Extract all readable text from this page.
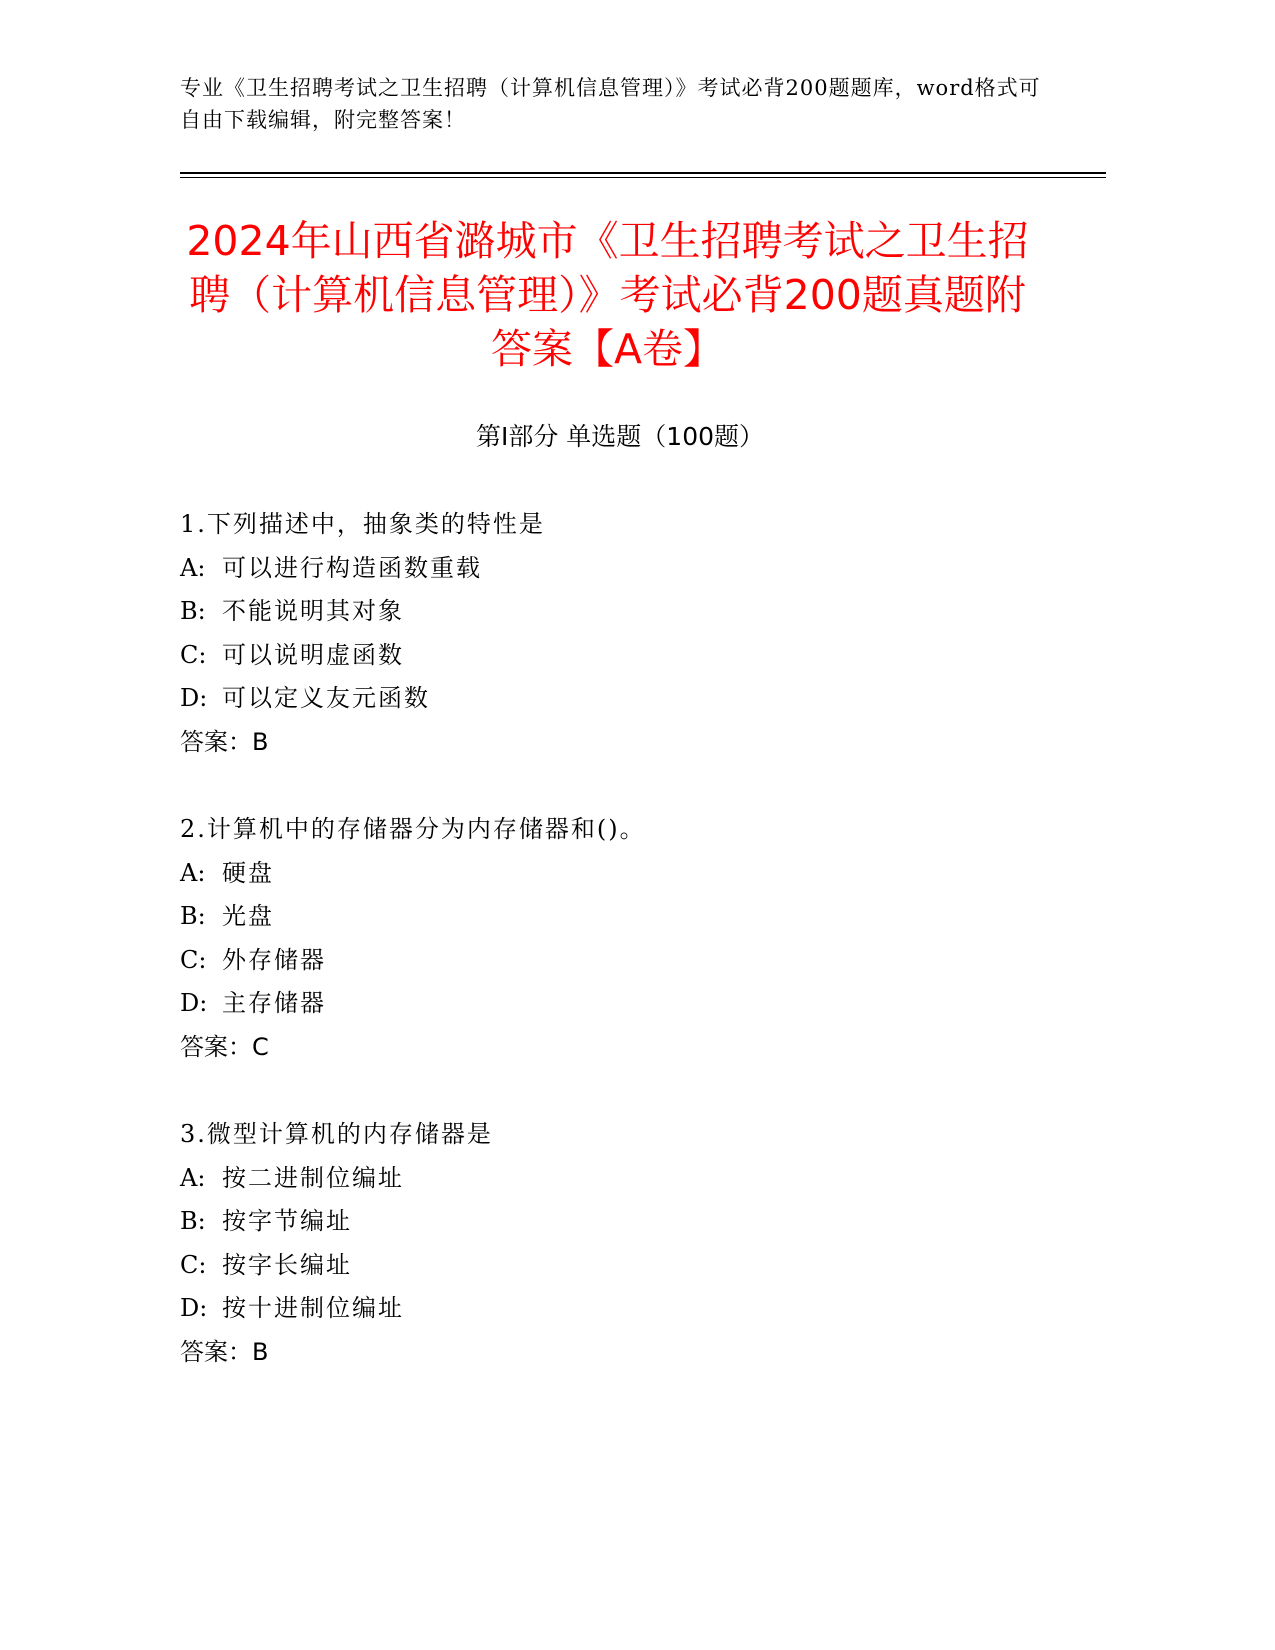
专业《卫生招聘考试之卫生招聘（计算机信息管理）》考试必背200题题库，word格式可自由下载编辑，附完整答案！
2024年山西省潞城市《卫生招聘考试之卫生招聘（计算机信息管理）》考试必背200题真题附答案【A卷】
第Ⅰ部分 单选题（100题）
1.下列描述中，抽象类的特性是
A: 可以进行构造函数重载
B: 不能说明其对象
C: 可以说明虚函数
D: 可以定义友元函数
答案：B
2.计算机中的存储器分为内存储器和()。
A: 硬盘
B: 光盘
C: 外存储器
D: 主存储器
答案：C
3.微型计算机的内存储器是
A: 按二进制位编址
B: 按字节编址
C: 按字长编址
D: 按十进制位编址
答案：B
